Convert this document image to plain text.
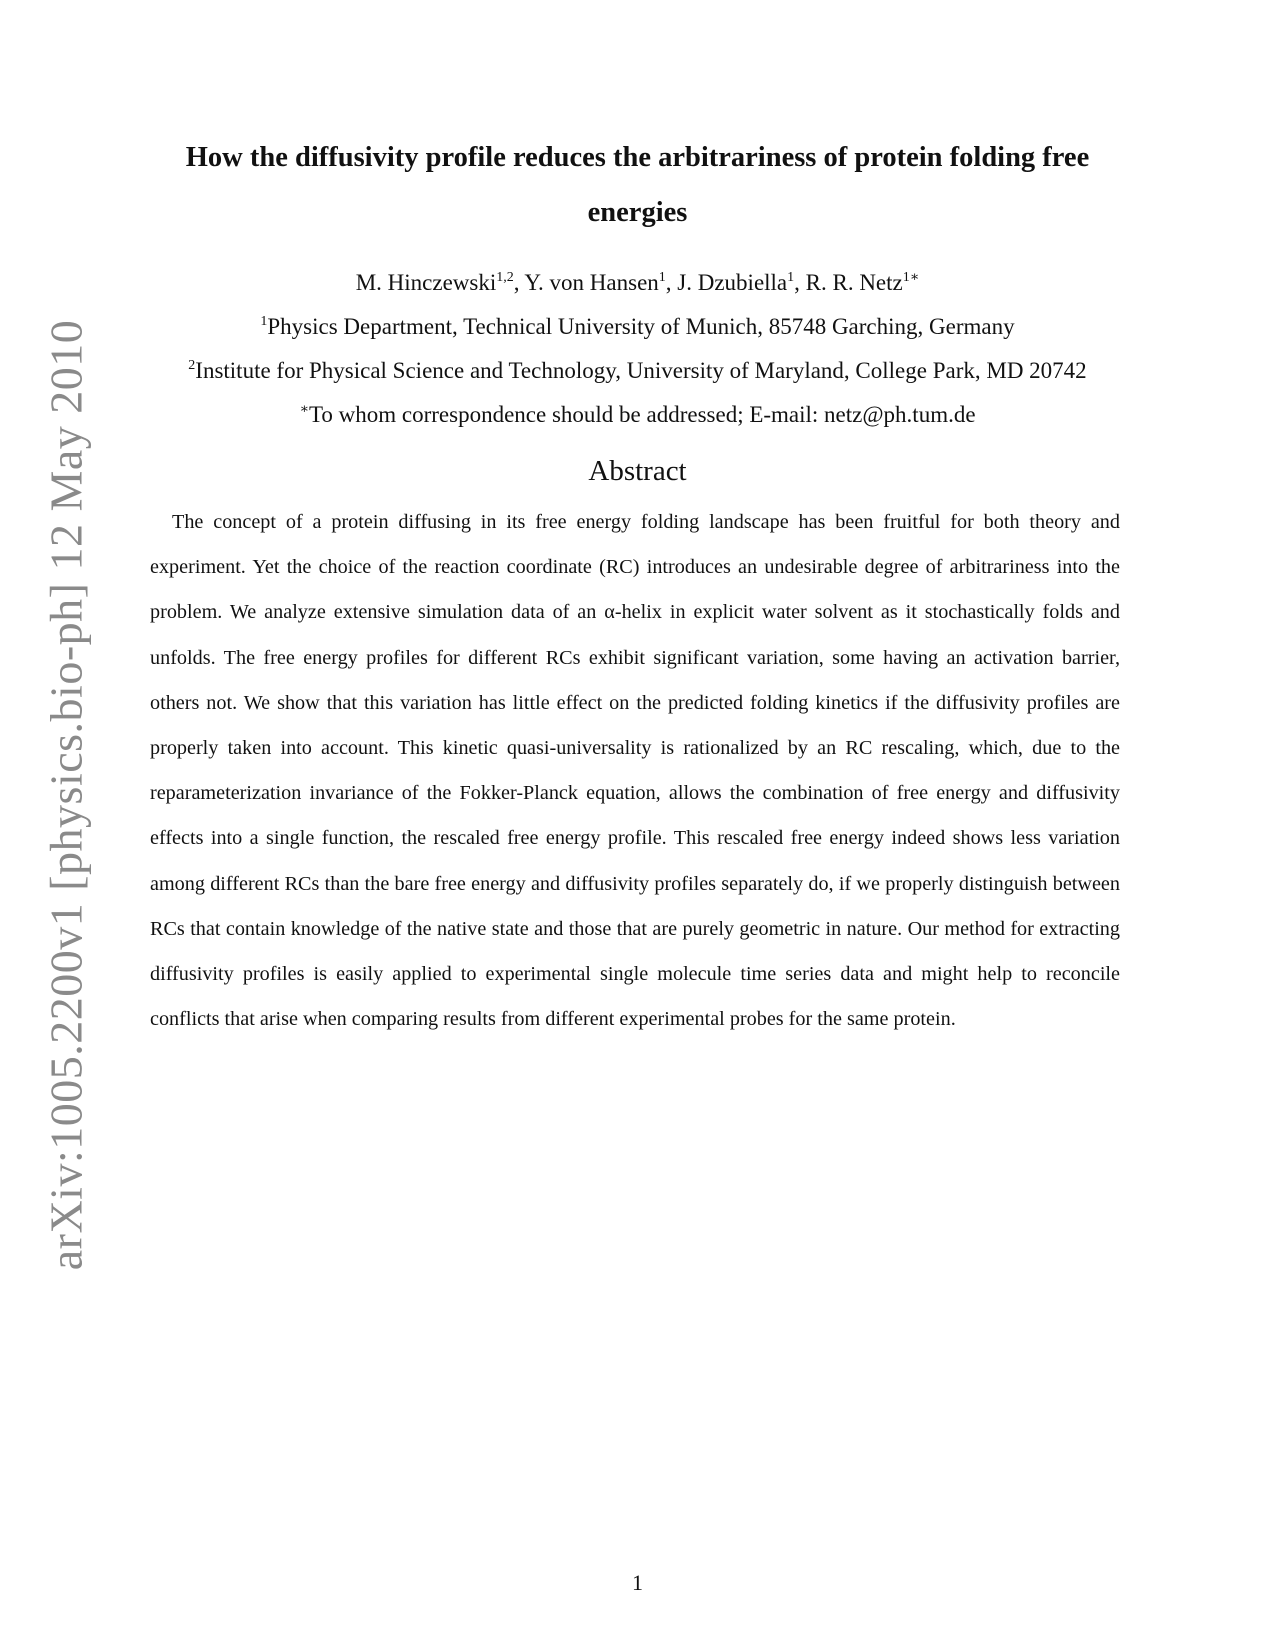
arXiv:1005.2200v1 [physics.bio-ph] 12 May 2010
How the diffusivity profile reduces the arbitrariness of protein folding free energies
M. Hinczewski$^{1,2}$, Y. von Hansen$^1$, J. Dzubiella$^1$, R. R. Netz$^{1∗}$
$^1$Physics Department, Technical University of Munich, 85748 Garching, Germany
$^2$Institute for Physical Science and Technology, University of Maryland, College Park, MD 20742
∗To whom correspondence should be addressed; E-mail: netz@ph.tum.de
Abstract
The concept of a protein diffusing in its free energy folding landscape has been fruitful for both theory and experiment. Yet the choice of the reaction coordinate (RC) introduces an undesirable degree of arbitrariness into the problem. We analyze extensive simulation data of an α-helix in explicit water solvent as it stochastically folds and unfolds. The free energy profiles for different RCs exhibit significant variation, some having an activation barrier, others not. We show that this variation has little effect on the predicted folding kinetics if the diffusivity profiles are properly taken into account. This kinetic quasi-universality is rationalized by an RC rescaling, which, due to the reparameterization invariance of the Fokker-Planck equation, allows the combination of free energy and diffusivity effects into a single function, the rescaled free energy profile. This rescaled free energy indeed shows less variation among different RCs than the bare free energy and diffusivity profiles separately do, if we properly distinguish between RCs that contain knowledge of the native state and those that are purely geometric in nature. Our method for extracting diffusivity profiles is easily applied to experimental single molecule time series data and might help to reconcile conflicts that arise when comparing results from different experimental probes for the same protein.
1
